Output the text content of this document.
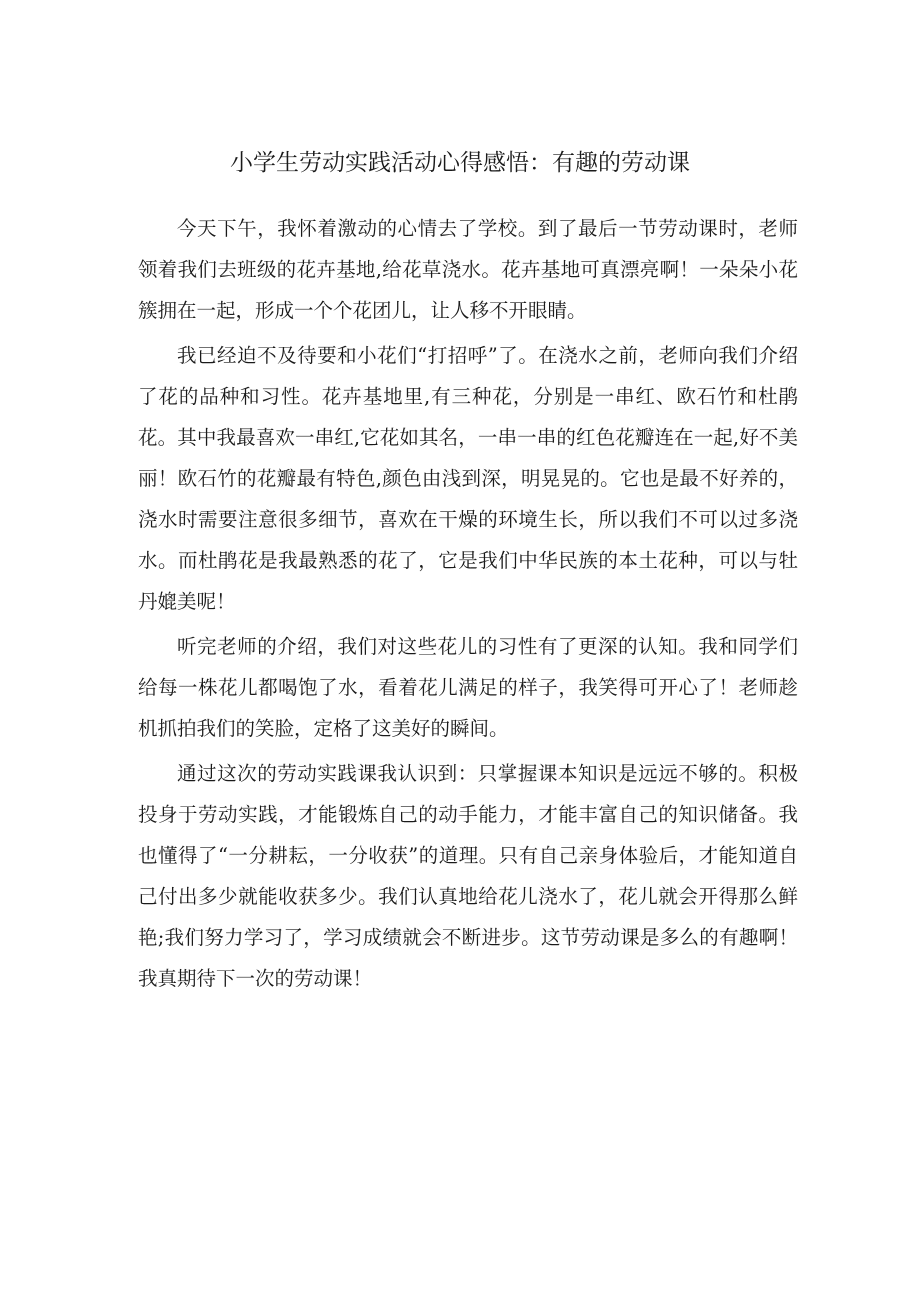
小学生劳动实践活动心得感悟：有趣的劳动课

今天下午，我怀着激动的心情去了学校。到了最后一节劳动课时，老师领着我们去班级的花卉基地,给花草浇水。花卉基地可真漂亮啊！一朵朵小花簇拥在一起，形成一个个花团儿，让人移不开眼睛。

我已经迫不及待要和小花们“打招呼”了。在浇水之前，老师向我们介绍了花的品种和习性。花卉基地里,有三种花，分别是一串红、欧石竹和杜鹃花。其中我最喜欢一串红,它花如其名，一串一串的红色花瓣连在一起,好不美丽！欧石竹的花瓣最有特色,颜色由浅到深，明晃晃的。它也是最不好养的，浇水时需要注意很多细节，喜欢在干燥的环境生长，所以我们不可以过多浇水。而杜鹃花是我最熟悉的花了，它是我们中华民族的本土花种，可以与牡丹媲美呢！

听完老师的介绍，我们对这些花儿的习性有了更深的认知。我和同学们给每一株花儿都喝饱了水，看着花儿满足的样子，我笑得可开心了！老师趁机抓拍我们的笑脸，定格了这美好的瞬间。

通过这次的劳动实践课我认识到：只掌握课本知识是远远不够的。积极投身于劳动实践，才能锻炼自己的动手能力，才能丰富自己的知识储备。我也懂得了“一分耕耘，一分收获”的道理。只有自己亲身体验后，才能知道自己付出多少就能收获多少。我们认真地给花儿浇水了，花儿就会开得那么鲜艳;我们努力学习了，学习成绩就会不断进步。这节劳动课是多么的有趣啊！我真期待下一次的劳动课！
